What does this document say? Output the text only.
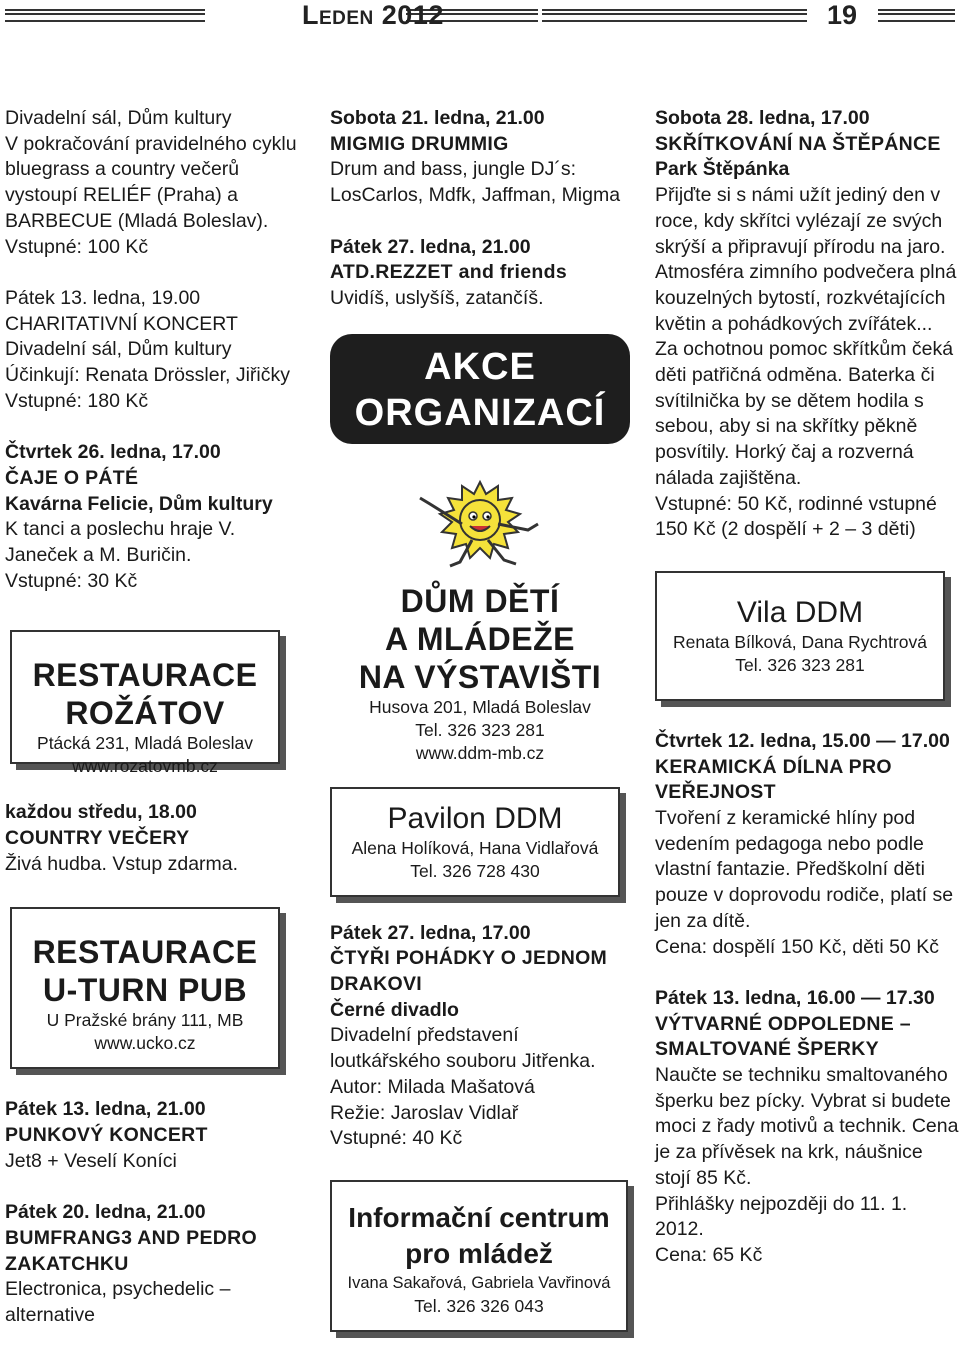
Leden 2012	19
Divadelní sál, Dům kultury
V pokračování pravidelného cyklu bluegrass a country večerů vystoupí RELIÉF (Praha) a BARBECUE (Mladá Boleslav).
Vstupné: 100 Kč
Pátek 13. ledna, 19.00
CHARITATIVNÍ KONCERT
Divadelní sál, Dům kultury
Účinkují: Renata Drössler, Jiřičky
Vstupné: 180 Kč
Čtvrtek 26. ledna, 17.00
ČAJE O PÁTÉ
Kavárna Felicie, Dům kultury
K tanci a poslechu hraje V. Janeček a M. Buričin.
Vstupné: 30 Kč
RESTAURACE
ROŽÁTOV
Ptácká 231, Mladá Boleslav
www.rozatovmb.cz
každou středu, 18.00
COUNTRY VEČERY
Živá hudba. Vstup zdarma.
RESTAURACE
U-TURN PUB
U Pražské brány 111, MB
www.ucko.cz
Pátek 13. ledna, 21.00
PUNKOVÝ KONCERT
Jet8 + Veselí Koníci
Pátek 20. ledna, 21.00
BUMFRANG3 AND PEDRO ZAKATCHKU
Electronica, psychedelic – alternative
Sobota 21. ledna, 21.00
MIGMIG DRUMMIG
Drum and bass, jungle DJ´s: LosCarlos, Mdfk, Jaffman, Migma
Pátek 27. ledna, 21.00
ATD.REZZET and friends
Uvidíš, uslyšíš, zatančíš.
AKCE
ORGANIZACÍ
DŮM DĚTÍ
A MLÁDEŽE
NA VÝSTAVIŠTI
Husova 201, Mladá Boleslav
Tel. 326 323 281
www.ddm-mb.cz
Pavilon DDM
Alena Holíková, Hana Vidlařová
Tel. 326 728 430
Pátek 27. ledna, 17.00
ČTYŘI POHÁDKY O JEDNOM DRAKOVI
Černé divadlo
Divadelní představení loutkářského souboru Jitřenka.
Autor: Milada Mašatová
Režie: Jaroslav Vidlař
Vstupné: 40 Kč
Informační centrum
pro mládež
Ivana Sakařová, Gabriela Vavřinová
Tel. 326 326 043
Sobota 28. ledna, 17.00
SKŘÍTKOVÁNÍ NA ŠTĚPÁNCE
Park Štěpánka
Přijďte si s námi užít jediný den v roce, kdy skřítci vylézají ze svých skrýší a připravují přírodu na jaro. Atmosféra zimního podvečera plná kouzelných bytostí, rozkvétajících květin a pohádkových zvířátek... Za ochotnou pomoc skřítkům čeká děti patřičná odměna. Baterka či svítilnička by se dětem hodila s sebou, aby si na skřítky pěkně posvítily. Horký čaj a rozverná nálada zajištěna.
Vstupné: 50 Kč, rodinné vstupné 150 Kč (2 dospělí + 2 – 3 děti)
Vila DDM
Renata Bílková, Dana Rychtrová
Tel. 326 323 281
Čtvrtek 12. ledna, 15.00 — 17.00
KERAMICKÁ DÍLNA PRO VEŘEJNOST
Tvoření z keramické hlíny pod vedením pedagoga nebo podle vlastní fantazie. Předškolní děti pouze v doprovodu rodiče, platí se jen za dítě.
Cena: dospělí 150 Kč, děti 50 Kč
Pátek 13. ledna, 16.00 — 17.30
VÝTVARNÉ ODPOLEDNE – SMALTOVANÉ ŠPERKY
Naučte se techniku smaltovaného šperku bez pícky. Vybrat si budete moci z řady motivů a technik. Cena je za přívěsek na krk, náušnice stojí 85 Kč.
Přihlášky nejpozději do 11. 1. 2012.
Cena: 65 Kč
